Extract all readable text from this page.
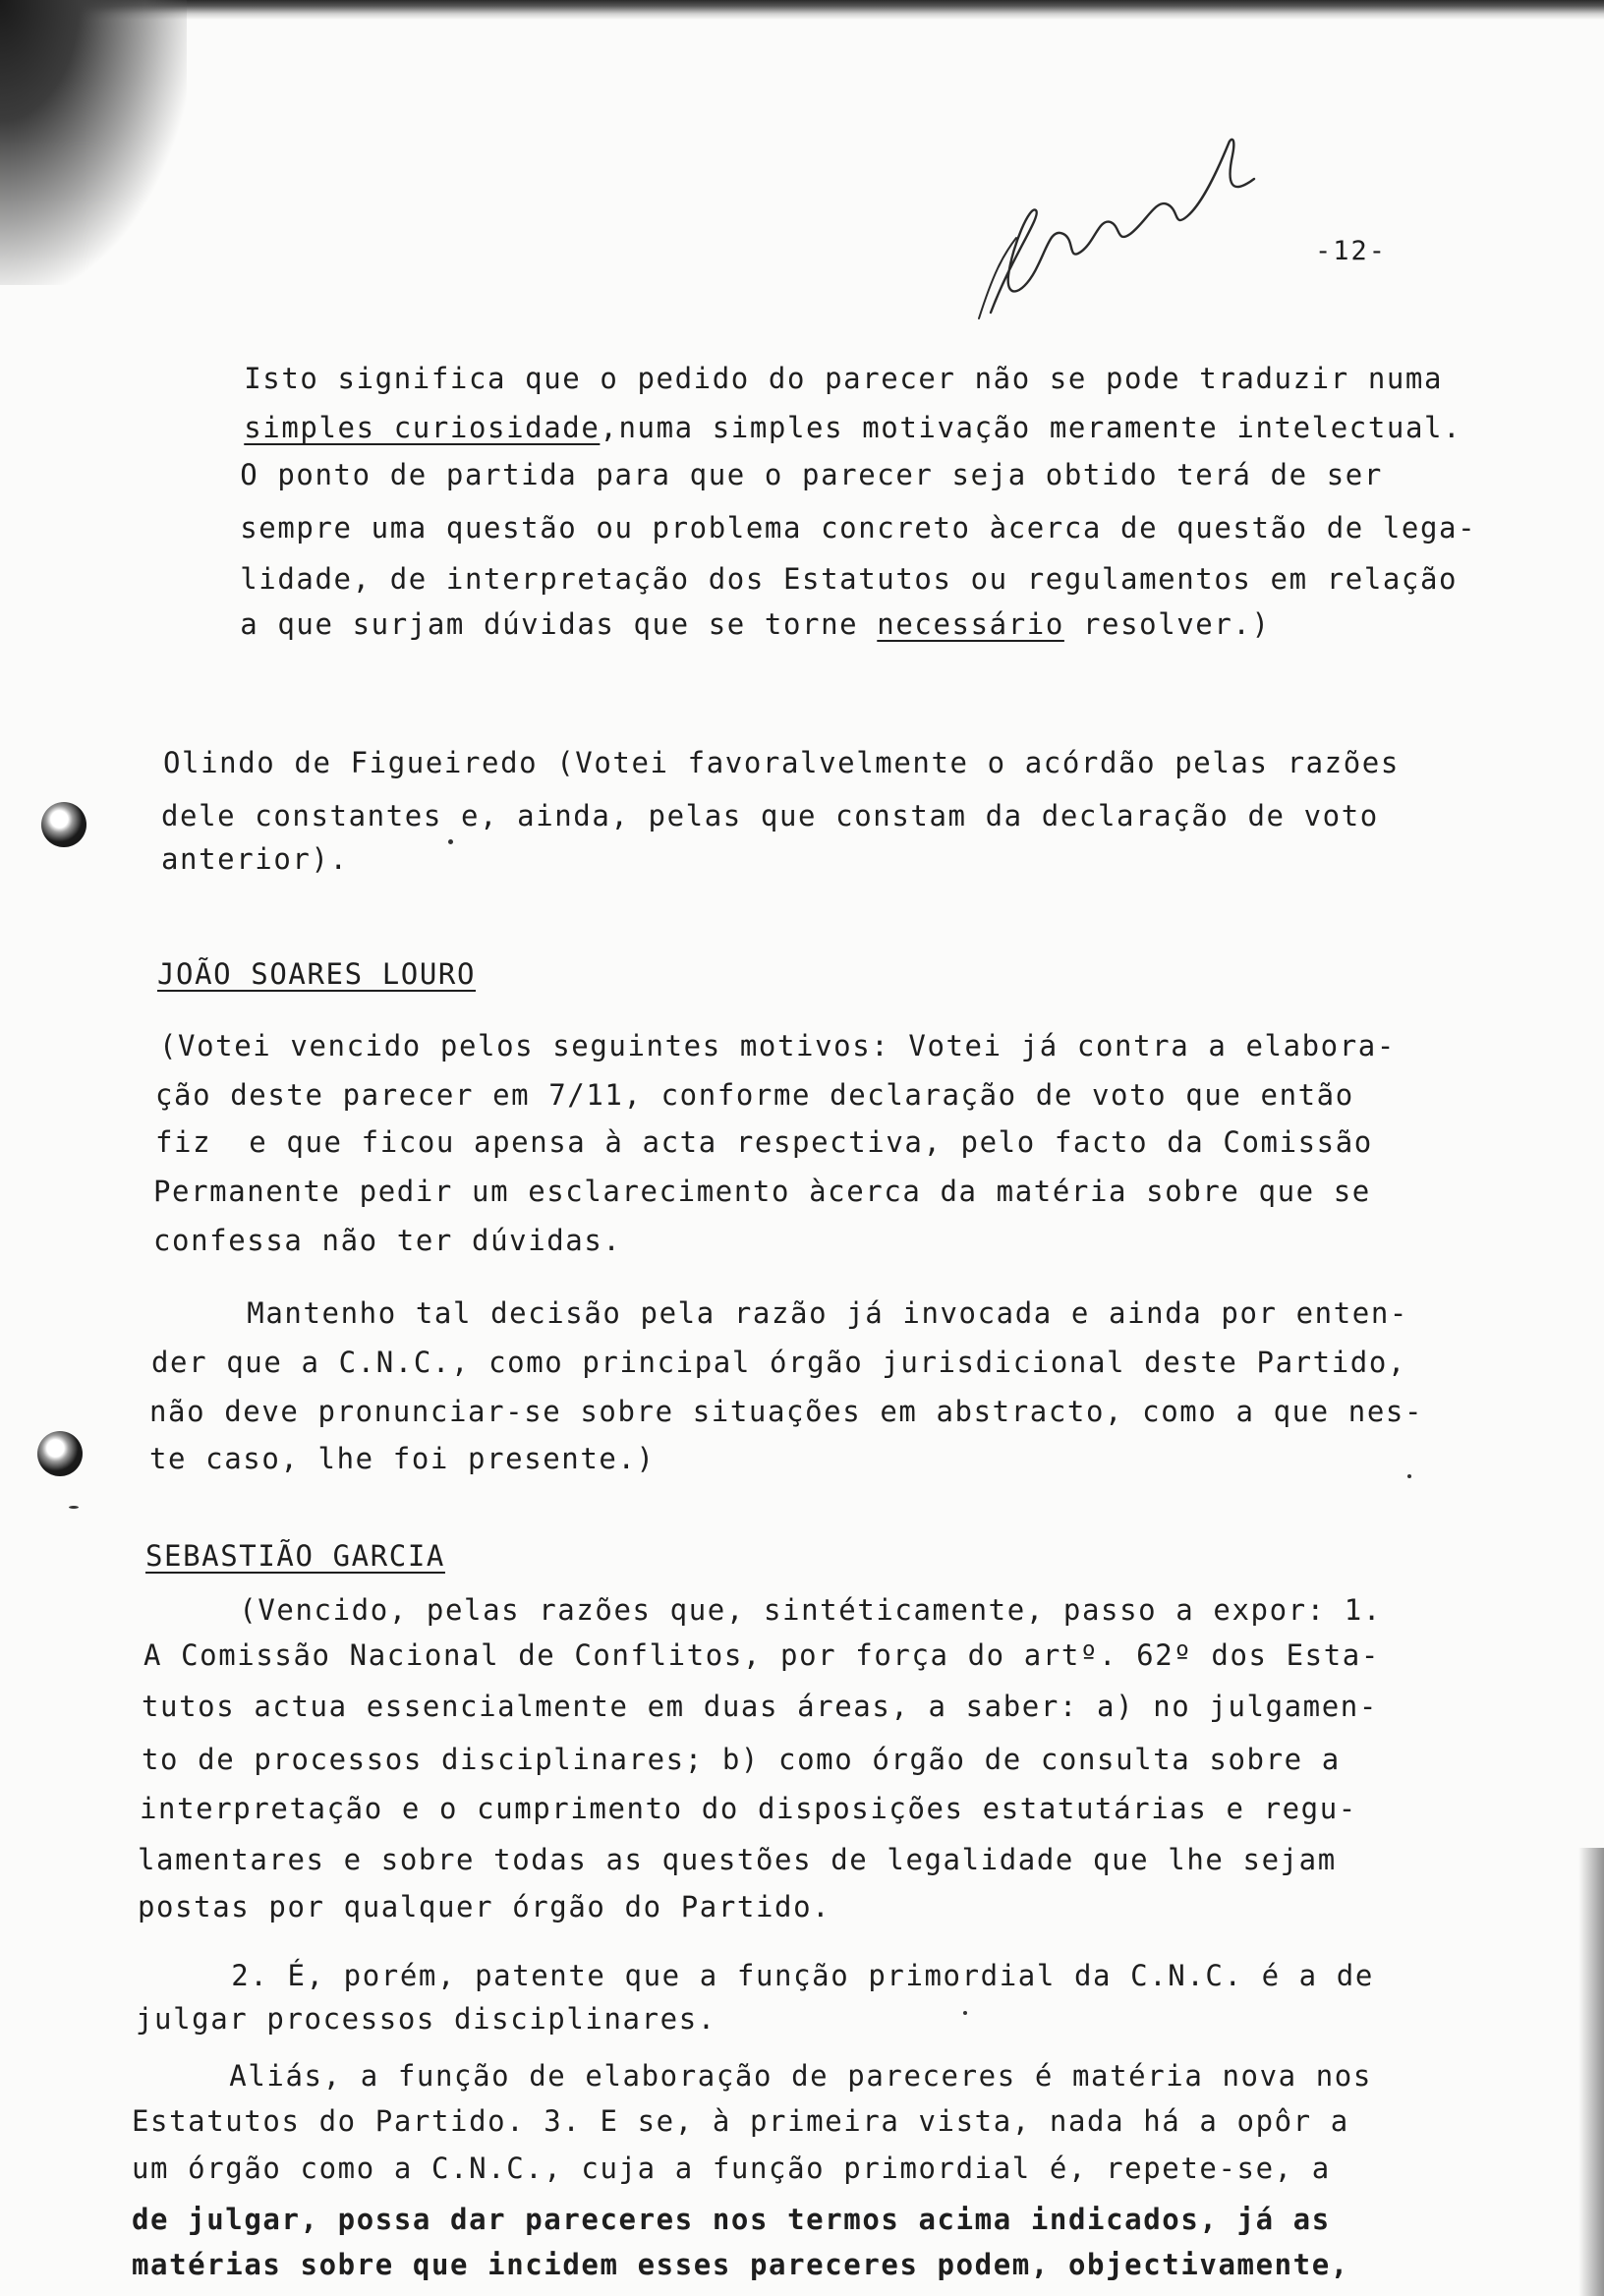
-12-

Isto significa que o pedido do parecer não se pode traduzir numa

simples curiosidade,numa simples motivação meramente intelectual.

O ponto de partida para que o parecer seja obtido terá de ser

sempre uma questão ou problema concreto àcerca de questão de lega-

lidade, de interpretação dos Estatutos ou regulamentos em relação

a que surjam dúvidas que se torne necessário resolver.)

Olindo de Figueiredo (Votei favoralvelmente o acórdão pelas razões
dele constantes e, ainda, pelas que constam da declaração de voto
anterior).
JOÃO SOARES LOURO
(Votei vencido pelos seguintes motivos: Votei já contra a elabora-
ção deste parecer em 7/11, conforme declaração de voto que então
fiz  e que ficou apensa à acta respectiva, pelo facto da Comissão
Permanente pedir um esclarecimento àcerca da matéria sobre que se
confessa não ter dúvidas.
Mantenho tal decisão pela razão já invocada e ainda por enten-
der que a C.N.C., como principal órgão jurisdicional deste Partido,
não deve pronunciar-se sobre situações em abstracto, como a que nes-
te caso, lhe foi presente.)
SEBASTIÃO GARCIA
(Vencido, pelas razões que, sintéticamente, passo a expor: 1.
A Comissão Nacional de Conflitos, por força do artº. 62º dos Esta-
tutos actua essencialmente em duas áreas, a saber: a) no julgamen-
to de processos disciplinares; b) como órgão de consulta sobre a
interpretação e o cumprimento do disposições estatutárias e regu-
lamentares e sobre todas as questões de legalidade que lhe sejam
postas por qualquer órgão do Partido.
2. É, porém, patente que a função primordial da C.N.C. é a de
julgar processos disciplinares.
Aliás, a função de elaboração de pareceres é matéria nova nos
Estatutos do Partido. 3. E se, à primeira vista, nada há a opôr a
um órgão como a C.N.C., cuja a função primordial é, repete-se, a
de julgar, possa dar pareceres nos termos acima indicados, já as
matérias sobre que incidem esses pareceres podem, objectivamente,
